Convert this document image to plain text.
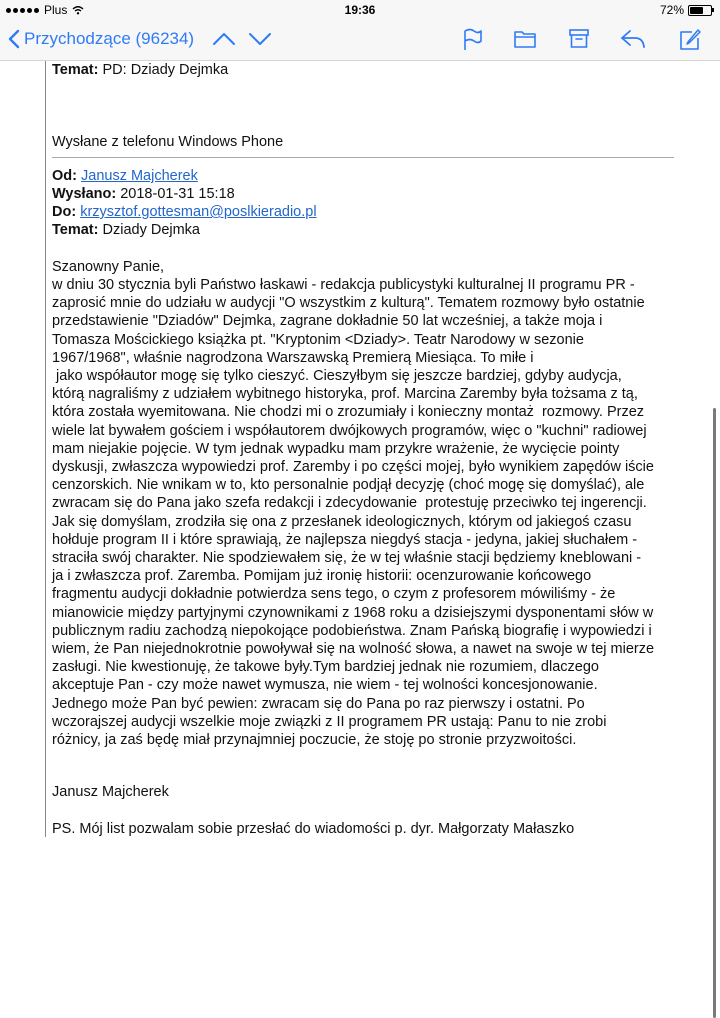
Plus	19:36	72%
Przychodzące (96234)
Temat: PD: Dziady Dejmka
Wysłane z telefonu Windows Phone
Od: Janusz Majcherek
Wysłano: 2018-01-31 15:18
Do: krzysztof.gottesman@poslkieradio.pl
Temat: Dziady Dejmka
Szanowny Panie,
w dniu 30 stycznia byli Państwo łaskawi - redakcja publicystyki kulturalnej II programu PR -
zaprosić mnie do udziału w audycji "O wszystkim z kulturą". Tematem rozmowy było ostatnie
przedstawienie "Dziadów" Dejmka, zagrane dokładnie 50 lat wcześniej, a także moja i
Tomasza Mościckiego książka pt. "Kryptonim <Dziady>. Teatr Narodowy w sezonie
1967/1968", właśnie nagrodzona Warszawską Premierą Miesiąca. To miłe i
jako współautor mogę się tylko cieszyć. Cieszyłbym się jeszcze bardziej, gdyby audycja,
którą nagraliśmy z udziałem wybitnego historyka, prof. Marcina Zaremby była tożsama z tą,
która została wyemitowana. Nie chodzi mi o zrozumiały i konieczny montaż  rozmowy. Przez
wiele lat bywałem gościem i współautorem dwójkowych programów, więc o "kuchni" radiowej
mam niejakie pojęcie. W tym jednak wypadku mam przykre wrażenie, że wycięcie pointy
dyskusji, zwłaszcza wypowiedzi prof. Zaremby i po części mojej, było wynikiem zapędów iście
cenzorskich. Nie wnikam w to, kto personalnie podjął decyzję (choć mogę się domyślać), ale
zwracam się do Pana jako szefa redakcji i zdecydowanie  protestuję przeciwko tej ingerencji.
Jak się domyślam, zrodziła się ona z przesłanek ideologicznych, którym od jakiegoś czasu
hołduje program II i które sprawiają, że najlepsza niegdyś stacja - jedyna, jakiej słuchałem -
straciła swój charakter. Nie spodziewałem się, że w tej właśnie stacji będziemy kneblowani -
ja i zwłaszcza prof. Zaremba. Pomijam już ironię historii: ocenzurowanie końcowego
fragmentu audycji dokładnie potwierdza sens tego, o czym z profesorem mówiliśmy - że
mianowicie między partyjnymi czynownikami z 1968 roku a dzisiejszymi dysponentami słów w
publicznym radiu zachodzą niepokojące podobieństwa. Znam Pańską biografię i wypowiedzi i
wiem, że Pan niejednokrotnie powoływał się na wolność słowa, a nawet na swoje w tej mierze
zasługi. Nie kwestionuję, że takowe były.Tym bardziej jednak nie rozumiem, dlaczego
akceptuje Pan - czy może nawet wymusza, nie wiem - tej wolności koncesjonowanie.
Jednego może Pan być pewien: zwracam się do Pana po raz pierwszy i ostatni. Po
wczorajszej audycji wszelkie moje związki z II programem PR ustają: Panu to nie zrobi
różnicy, ja zaś będę miał przynajmniej poczucie, że stoję po stronie przyzwoitości.
Janusz Majcherek
PS. Mój list pozwalam sobie przesłać do wiadomości p. dyr. Małgorzaty Małaszko
